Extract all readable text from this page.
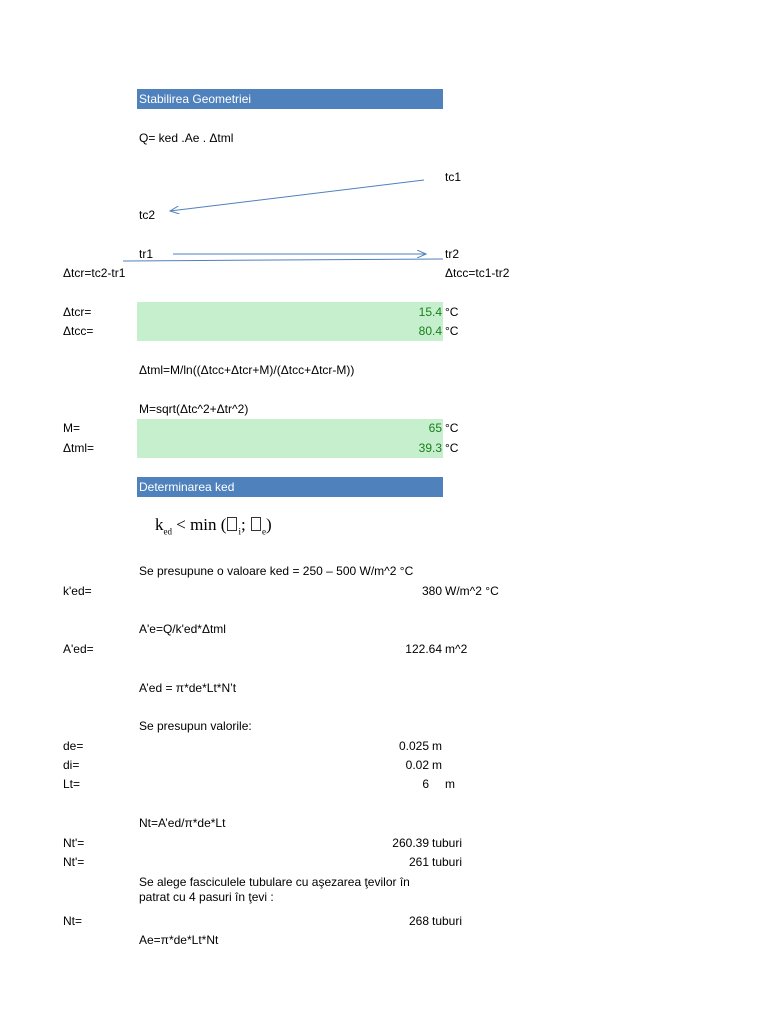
Stabilirea Geometriei
Q= ked .Ae . Δtml
tc1
tc2
tr1	tr2
Δtcr=tc2-tr1	Δtcc=tc1-tr2
Δtcr=	15.4 °C
Δtcc=	80.4 °C
Δtml=M/ln((Δtcc+Δtcr+M)/(Δtcc+Δtcr-M))
M=sqrt(Δtc^2+Δtr^2)
M=	65 °C
Δtml=	39.3 °C
Determinarea ked
$k_{ed} < \min$ ( $_i$; $_e$)
Se presupune o valoare ked = 250 – 500 W/m^2 °C
k'ed=	380 W/m^2 °C
A'e=Q/k'ed*Δtml
A'ed=	122.64 m^2
A’ed = π*de*Lt*N’t
Se presupun valorile:
de=	0.025 m
di=	0.02 m
Lt=	6 m
Nt=A’ed/π*de*Lt
Nt'=	260.39 tuburi
Nt'=	261 tuburi
Se alege fasciculele tubulare cu aşezarea ţevilor în
patrat cu 4 pasuri în ţevi :
Nt=	268 tuburi
Ae=π*de*Lt*Nt
